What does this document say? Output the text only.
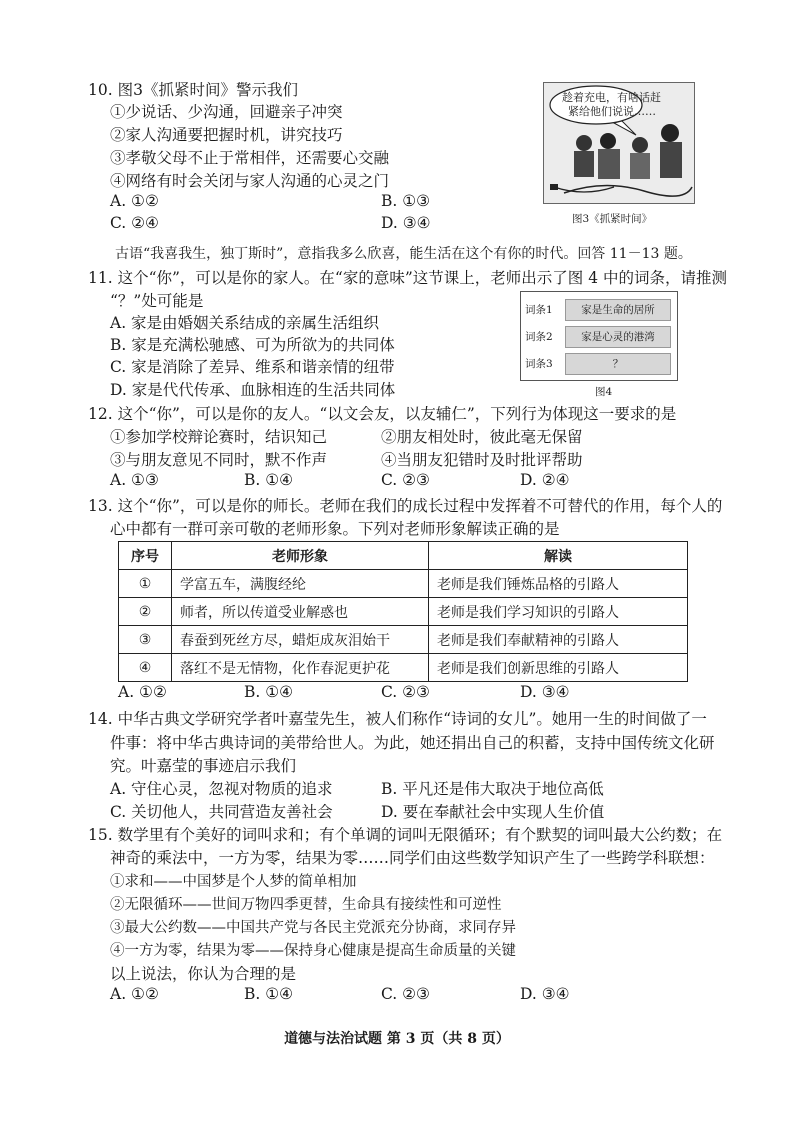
10. 图3《抓紧时间》警示我们
①少说话、少沟通，回避亲子冲突
②家人沟通要把握时机，讲究技巧
③孝敬父母不止于常相伴，还需要心交融
④网络有时会关闭与家人沟通的心灵之门
A. ①②	B. ①③
C. ②④	D. ③④
趁着充电，有啥话赶
紧给他们说说……
图3《抓紧时间》
古语“我喜我生，独丁斯时”，意指我多么欣喜，能生活在这个有你的时代。回答 11－13 题。
11. 这个“你”，可以是你的家人。在“家的意味”这节课上，老师出示了图 4 中的词条，请推测
“？”处可能是
A. 家是由婚姻关系结成的亲属生活组织
B. 家是充满松驰感、可为所欲为的共同体
C. 家是消除了差异、维系和谐亲情的纽带
D. 家是代代传承、血脉相连的生活共同体
词条1	家是生命的居所
词条2	家是心灵的港湾
词条3	？
图4
12. 这个“你”，可以是你的友人。“以文会友，以友辅仁”，下列行为体现这一要求的是
①参加学校辩论赛时，结识知己	②朋友相处时，彼此毫无保留
③与朋友意见不同时，默不作声	④当朋友犯错时及时批评帮助
A. ①③	B. ①④	C. ②③	D. ②④
13. 这个“你”，可以是你的师长。老师在我们的成长过程中发挥着不可替代的作用，每个人的
心中都有一群可亲可敬的老师形象。下列对老师形象解读正确的是
序号	老师形象	解读
①	学富五车，满腹经纶	老师是我们锤炼品格的引路人
②	师者，所以传道受业解惑也	老师是我们学习知识的引路人
③	春蚕到死丝方尽，蜡炬成灰泪始干	老师是我们奉献精神的引路人
④	落红不是无情物，化作春泥更护花	老师是我们创新思维的引路人
A. ①②	B. ①④	C. ②③	D. ③④
14. 中华古典文学研究学者叶嘉莹先生，被人们称作“诗词的女儿”。她用一生的时间做了一
件事：将中华古典诗词的美带给世人。为此，她还捐出自己的积蓄，支持中国传统文化研
究。叶嘉莹的事迹启示我们
A. 守住心灵，忽视对物质的追求	B. 平凡还是伟大取决于地位高低
C. 关切他人，共同营造友善社会	D. 要在奉献社会中实现人生价值
15. 数学里有个美好的词叫求和；有个单调的词叫无限循环；有个默契的词叫最大公约数；在
神奇的乘法中，一方为零，结果为零……同学们由这些数学知识产生了一些跨学科联想：
①求和——中国梦是个人梦的简单相加
②无限循环——世间万物四季更替，生命具有接续性和可逆性
③最大公约数——中国共产党与各民主党派充分协商，求同存异
④一方为零，结果为零——保持身心健康是提高生命质量的关键
以上说法，你认为合理的是
A. ①②	B. ①④	C. ②③	D. ③④
道德与法治试题 第 3 页（共 8 页）
